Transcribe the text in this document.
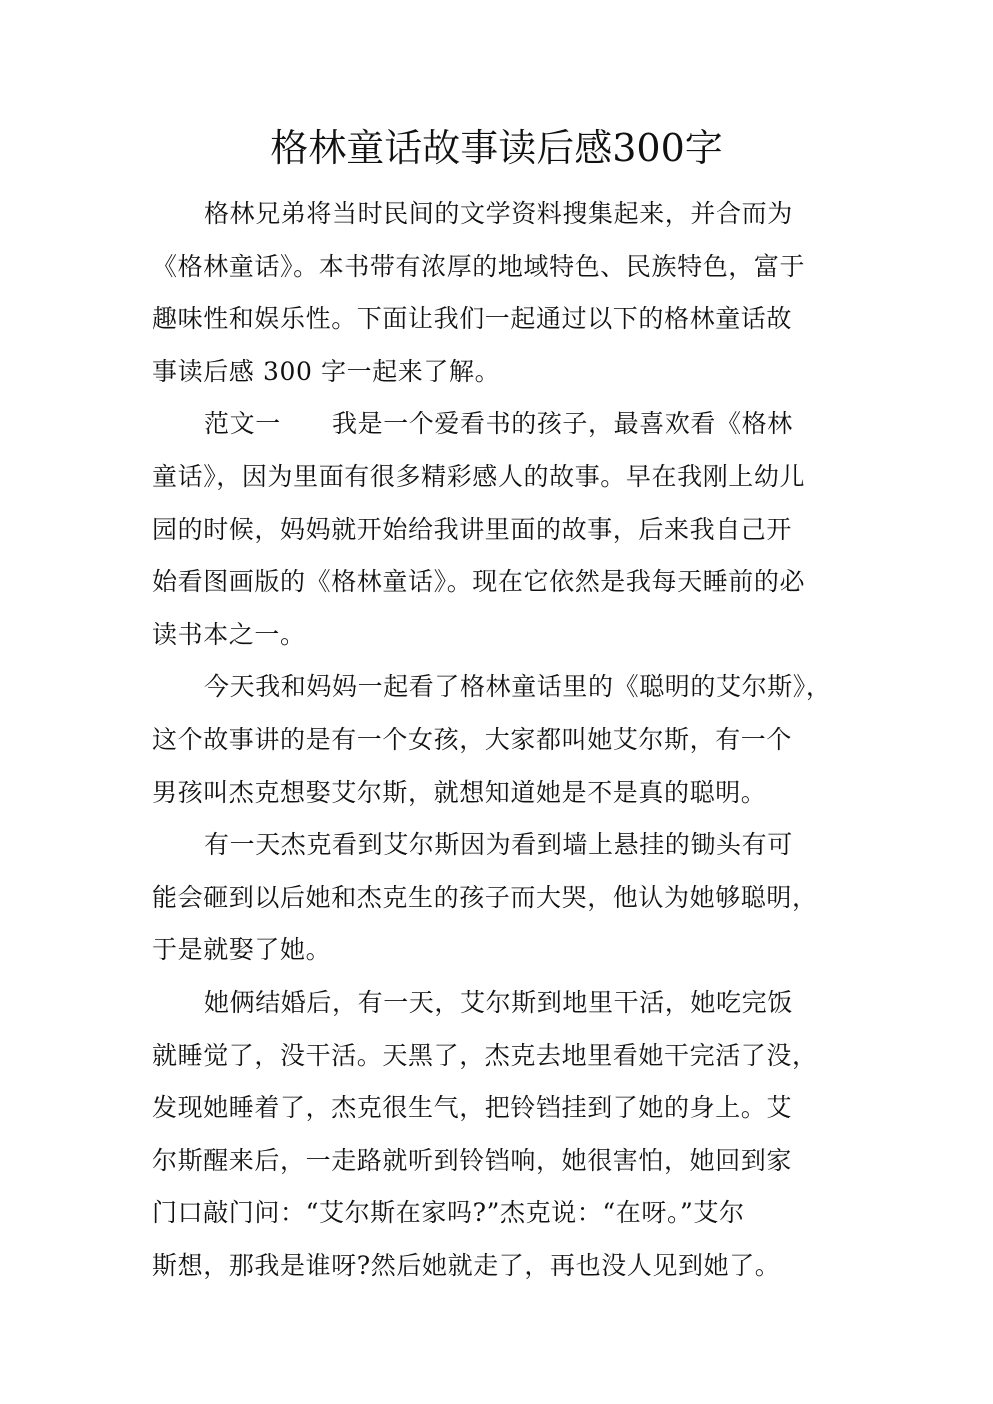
格林童话故事读后感300字
格林兄弟将当时民间的文学资料搜集起来，并合而为
《格林童话》。本书带有浓厚的地域特色、民族特色，富于
趣味性和娱乐性。下面让我们一起通过以下的格林童话故
事读后感 300 字一起来了解。
范文一　　我是一个爱看书的孩子，最喜欢看《格林
童话》，因为里面有很多精彩感人的故事。早在我刚上幼儿
园的时候，妈妈就开始给我讲里面的故事，后来我自己开
始看图画版的《格林童话》。现在它依然是我每天睡前的必
读书本之一。
今天我和妈妈一起看了格林童话里的《聪明的艾尔斯》，
这个故事讲的是有一个女孩，大家都叫她艾尔斯，有一个
男孩叫杰克想娶艾尔斯，就想知道她是不是真的聪明。
有一天杰克看到艾尔斯因为看到墙上悬挂的锄头有可
能会砸到以后她和杰克生的孩子而大哭，他认为她够聪明，
于是就娶了她。
她俩结婚后，有一天，艾尔斯到地里干活，她吃完饭
就睡觉了，没干活。天黑了，杰克去地里看她干完活了没，
发现她睡着了，杰克很生气，把铃铛挂到了她的身上。艾
尔斯醒来后，一走路就听到铃铛响，她很害怕，她回到家
门口敲门问：“艾尔斯在家吗?”杰克说：“在呀。”艾尔
斯想，那我是谁呀?然后她就走了，再也没人见到她了。
